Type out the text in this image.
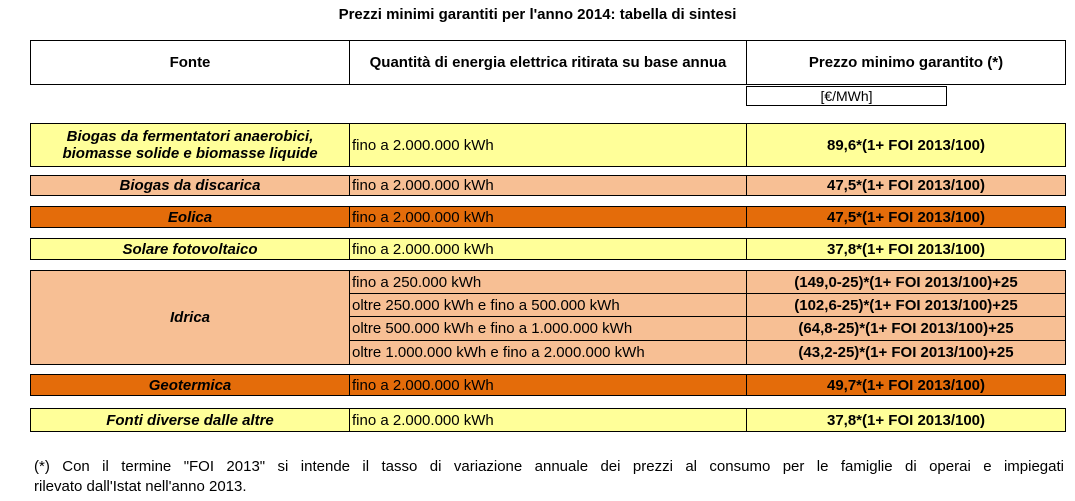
Prezzi minimi garantiti per l'anno 2014: tabella di sintesi
Fonte	Quantità di energia elettrica ritirata su base annua	Prezzo minimo garantito (*)
[€/MWh]
Biogas da fermentatori anaerobici, biomasse solide e biomasse liquide	fino a 2.000.000 kWh	89,6*(1+ FOI 2013/100)
Biogas da discarica	fino a 2.000.000 kWh	47,5*(1+ FOI 2013/100)
Eolica	fino a 2.000.000 kWh	47,5*(1+ FOI 2013/100)
Solare fotovoltaico	fino a 2.000.000 kWh	37,8*(1+ FOI 2013/100)
Idrica
fino a 250.000 kWh	(149,0-25)*(1+ FOI 2013/100)+25
oltre 250.000 kWh e fino a 500.000 kWh	(102,6-25)*(1+ FOI 2013/100)+25
oltre 500.000 kWh e fino a 1.000.000 kWh	(64,8-25)*(1+ FOI 2013/100)+25
oltre 1.000.000 kWh e fino a 2.000.000 kWh	(43,2-25)*(1+ FOI 2013/100)+25
Geotermica	fino a 2.000.000 kWh	49,7*(1+ FOI 2013/100)
Fonti diverse dalle altre	fino a 2.000.000 kWh	37,8*(1+ FOI 2013/100)
(*) Con il termine "FOI 2013" si intende il tasso di variazione annuale dei prezzi al consumo per le famiglie di operai e impiegati
rilevato dall'Istat nell'anno 2013.
